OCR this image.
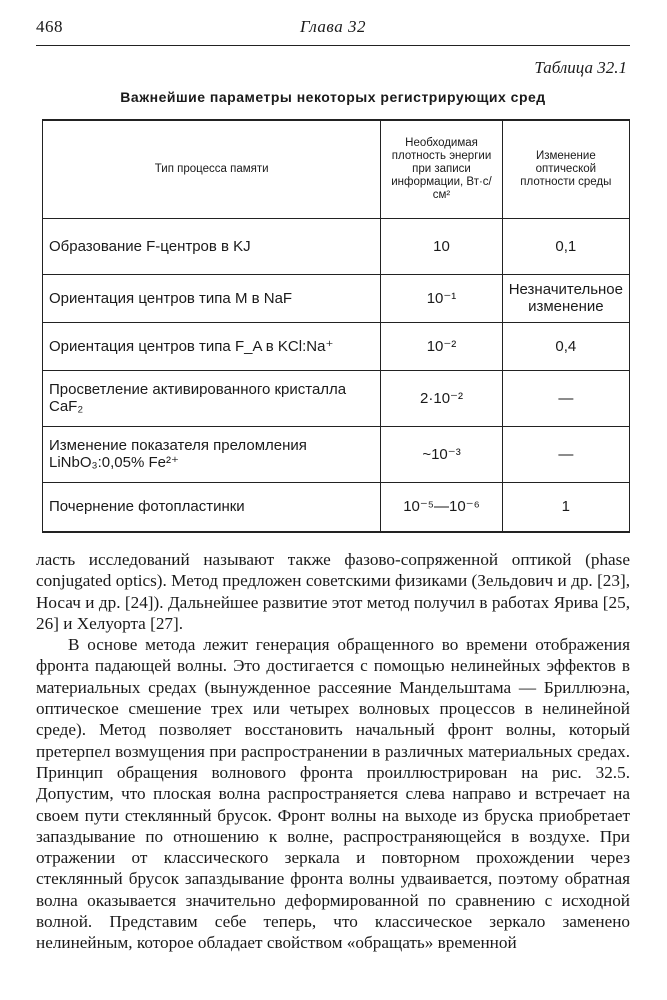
468	Глава 32
Таблица 32.1
Важнейшие параметры некоторых регистрирующих сред
Тип процесса памяти	Необходимая плотность энергии при записи информации, Вт·с/см²	Изменение оптической плотности среды
Образование F-центров в KJ	10	0,1
Ориентация центров типа M в NaF	10⁻¹	Незначительное изменение
Ориентация центров типа F_A в KCl:Na⁺	10⁻²	0,4
Просветление активированного кристалла CaF₂	2·10⁻²	—
Изменение показателя преломления LiNbO₃:0,05% Fe²⁺	~10⁻³	—
Почернение фотопластинки	10⁻⁵—10⁻⁶	1

ласть исследований называют также фазово-сопряженной оптикой (phase conjugated optics). Метод предложен советскими физиками (Зельдович и др. [23], Носач и др. [24]). Дальнейшее развитие этот метод получил в работах Ярива [25, 26] и Хелуорта [27].

В основе метода лежит генерация обращенного во времени отображения фронта падающей волны. Это достигается с помощью нелинейных эффектов в материальных средах (вынужденное рассеяние Мандельштама — Бриллюэна, оптическое смешение трех или четырех волновых процессов в нелинейной среде). Метод позволяет восстановить начальный фронт волны, который претерпел возмущения при распространении в различных материальных средах. Принцип обращения волнового фронта проиллюстрирован на рис. 32.5. Допустим, что плоская волна распространяется слева направо и встречает на своем пути стеклянный брусок. Фронт волны на выходе из бруска приобретает запаздывание по отношению к волне, распространяющейся в воздухе. При отражении от классического зеркала и повторном прохождении через стеклянный брусок запаздывание фронта волны удваивается, поэтому обратная волна оказывается значительно деформированной по сравнению с исходной волной. Представим себе теперь, что классическое зеркало заменено нелинейным, которое обладает свойством «обращать» временной
